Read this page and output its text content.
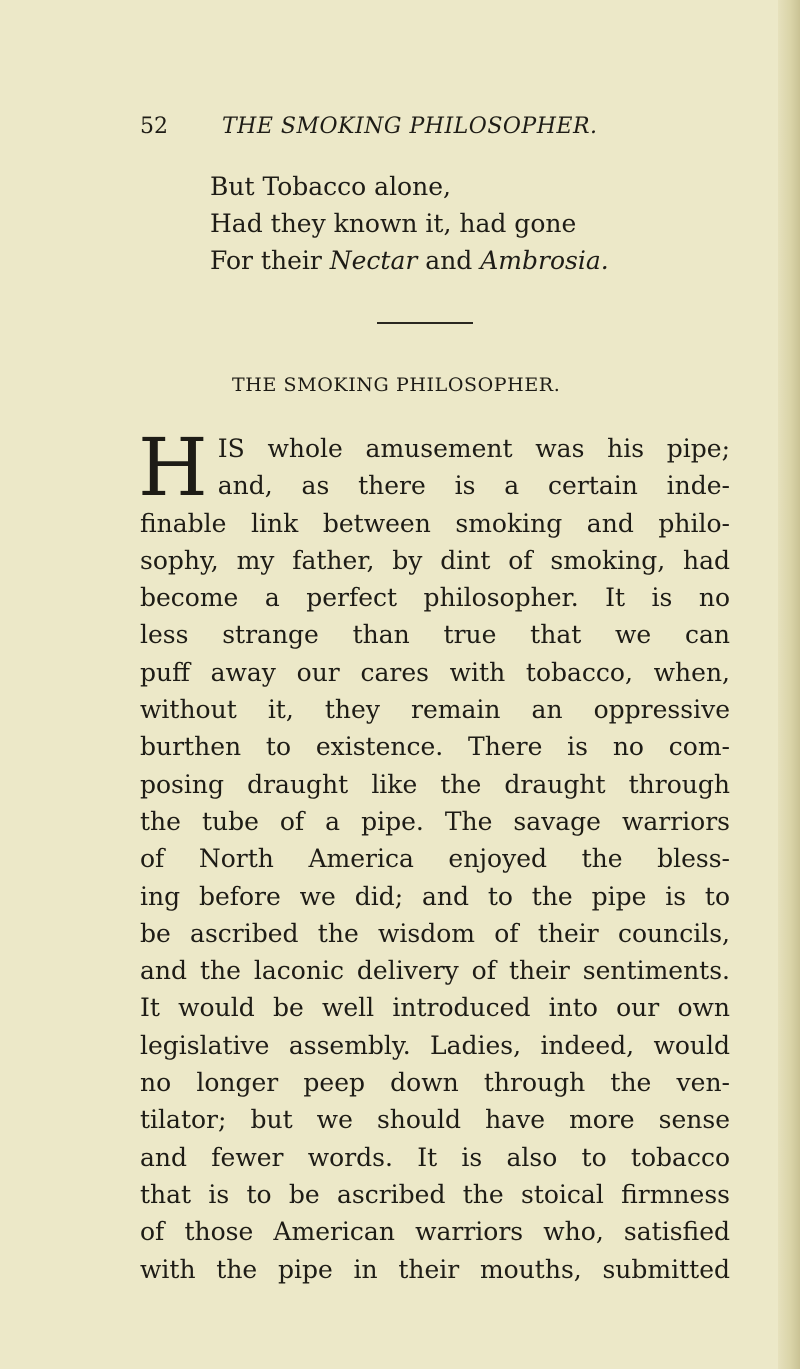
52 THE SMOKING PHILOSOPHER.
But Tobacco alone,
Had they known it, had gone
For their Nectar and Ambrosia.
THE SMOKING PHILOSOPHER.
H IS whole amusement was his pipe;
and, as there is a certain inde-
finable link between smoking and philo-
sophy, my father, by dint of smoking, had
become a perfect philosopher. It is no
less strange than true that we can
puff away our cares with tobacco, when,
without it, they remain an oppressive
burthen to existence. There is no com-
posing draught like the draught through
the tube of a pipe. The savage warriors
of North America enjoyed the bless-
ing before we did; and to the pipe is to
be ascribed the wisdom of their councils,
and the laconic delivery of their sentiments.
It would be well introduced into our own
legislative assembly. Ladies, indeed, would
no longer peep down through the ven-
tilator; but we should have more sense
and fewer words. It is also to tobacco
that is to be ascribed the stoical firmness
of those American warriors who, satisfied
with the pipe in their mouths, submitted
